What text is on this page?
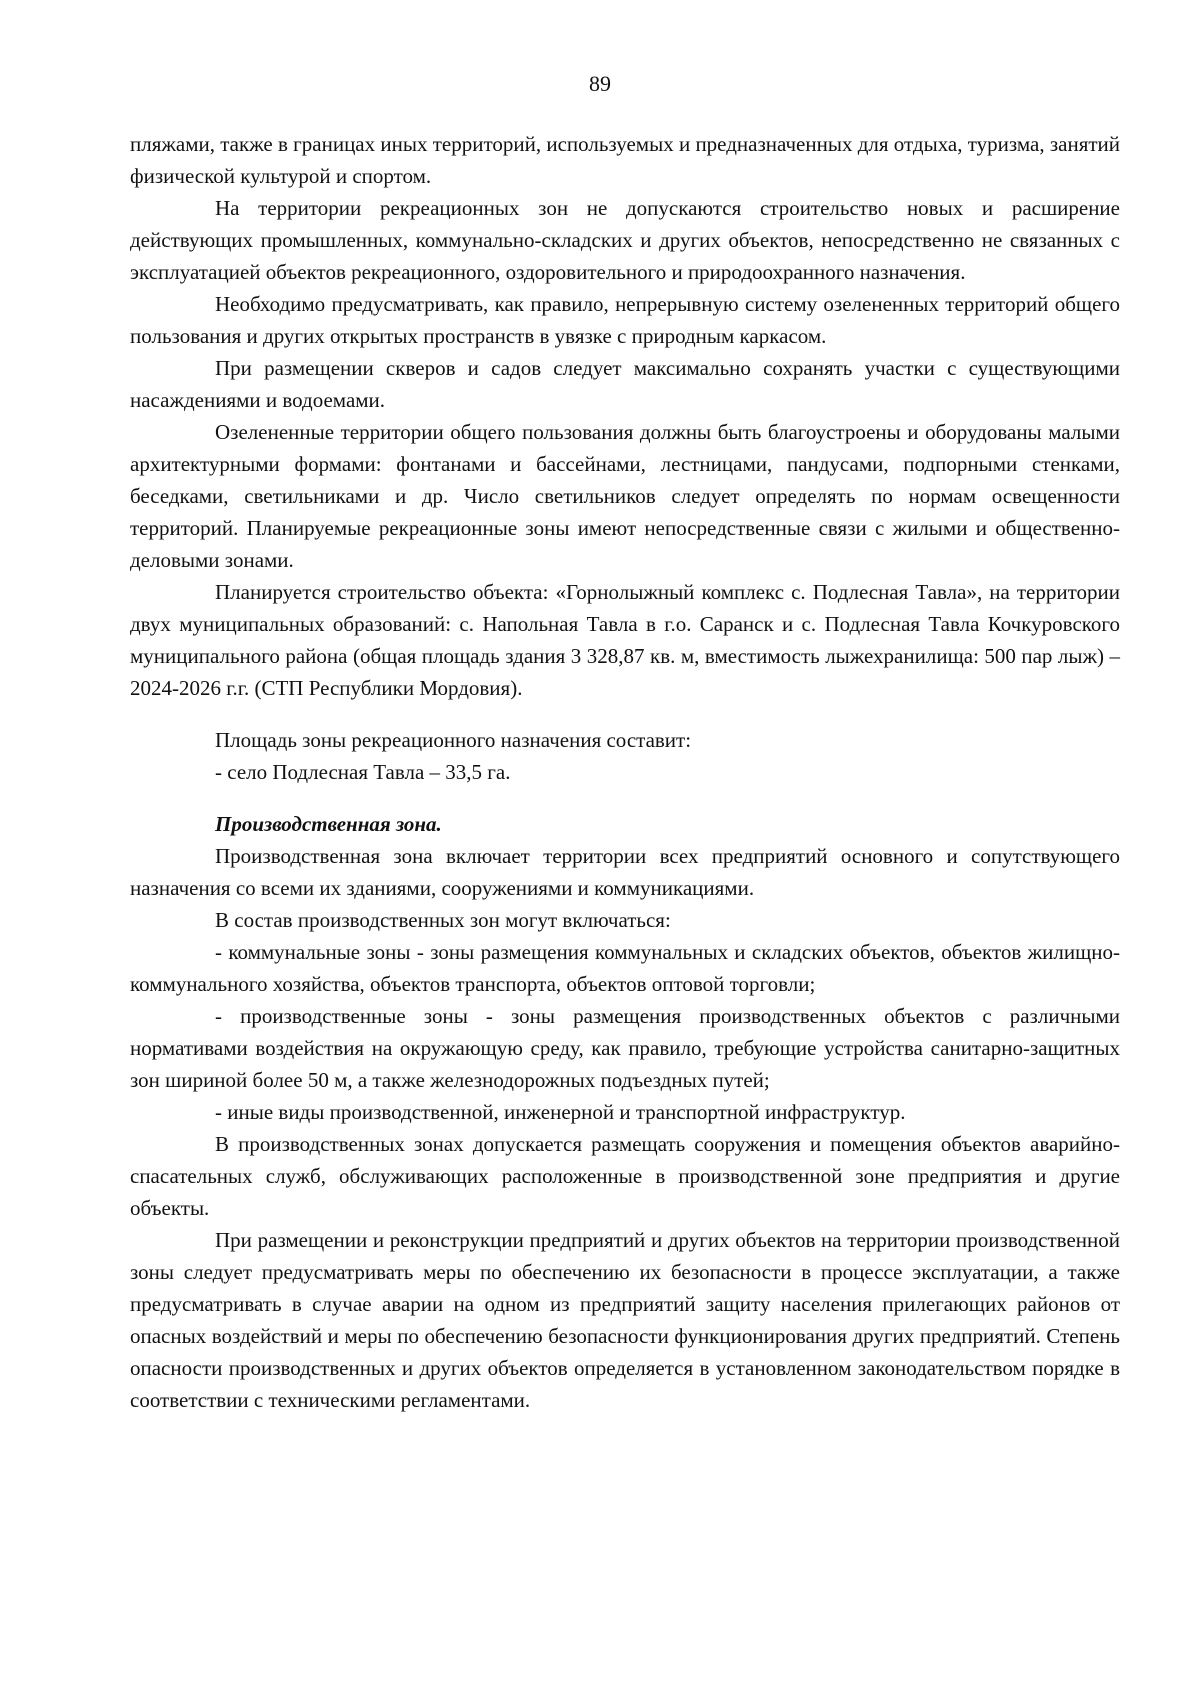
89

пляжами, также в границах иных территорий, используемых и предназначенных для отдыха, туризма, занятий физической культурой и спортом.

На территории рекреационных зон не допускаются строительство новых и расширение действующих промышленных, коммунально-складских и других объектов, непосредственно не связанных с эксплуатацией объектов рекреационного, оздоровительного и природоохранного назначения.

Необходимо предусматривать, как правило, непрерывную систему озелененных территорий общего пользования и других открытых пространств в увязке с природным каркасом.

При размещении скверов и садов следует максимально сохранять участки с существующими насаждениями и водоемами.

Озелененные территории общего пользования должны быть благоустроены и оборудованы малыми архитектурными формами: фонтанами и бассейнами, лестницами, пандусами, подпорными стенками, беседками, светильниками и др. Число светильников следует определять по нормам освещенности территорий. Планируемые рекреационные зоны имеют непосредственные связи с жилыми и общественно-деловыми зонами.

Планируется строительство объекта: «Горнолыжный комплекс с. Подлесная Тавла», на территории двух муниципальных образований: с. Напольная Тавла в г.о. Саранск и с. Подлесная Тавла Кочкуровского муниципального района (общая площадь здания 3 328,87 кв. м, вместимость лыжехранилища: 500 пар лыж) – 2024-2026 г.г. (СТП Республики Мордовия).

Площадь зоны рекреационного назначения составит:

- село Подлесная Тавла – 33,5 га.

Производственная зона.

Производственная зона включает территории всех предприятий основного и сопутствующего назначения со всеми их зданиями, сооружениями и коммуникациями.

В состав производственных зон могут включаться:

- коммунальные зоны - зоны размещения коммунальных и складских объектов, объектов жилищно-коммунального хозяйства, объектов транспорта, объектов оптовой торговли;

- производственные зоны - зоны размещения производственных объектов с различными нормативами воздействия на окружающую среду, как правило, требующие устройства санитарно-защитных зон шириной более 50 м, а также железнодорожных подъездных путей;

- иные виды производственной, инженерной и транспортной инфраструктур.

В производственных зонах допускается размещать сооружения и помещения объектов аварийно-спасательных служб, обслуживающих расположенные в производственной зоне предприятия и другие объекты.

При размещении и реконструкции предприятий и других объектов на территории производственной зоны следует предусматривать меры по обеспечению их безопасности в процессе эксплуатации, а также предусматривать в случае аварии на одном из предприятий защиту населения прилегающих районов от опасных воздействий и меры по обеспечению безопасности функционирования других предприятий. Степень опасности производственных и других объектов определяется в установленном законодательством порядке в соответствии с техническими регламентами.
